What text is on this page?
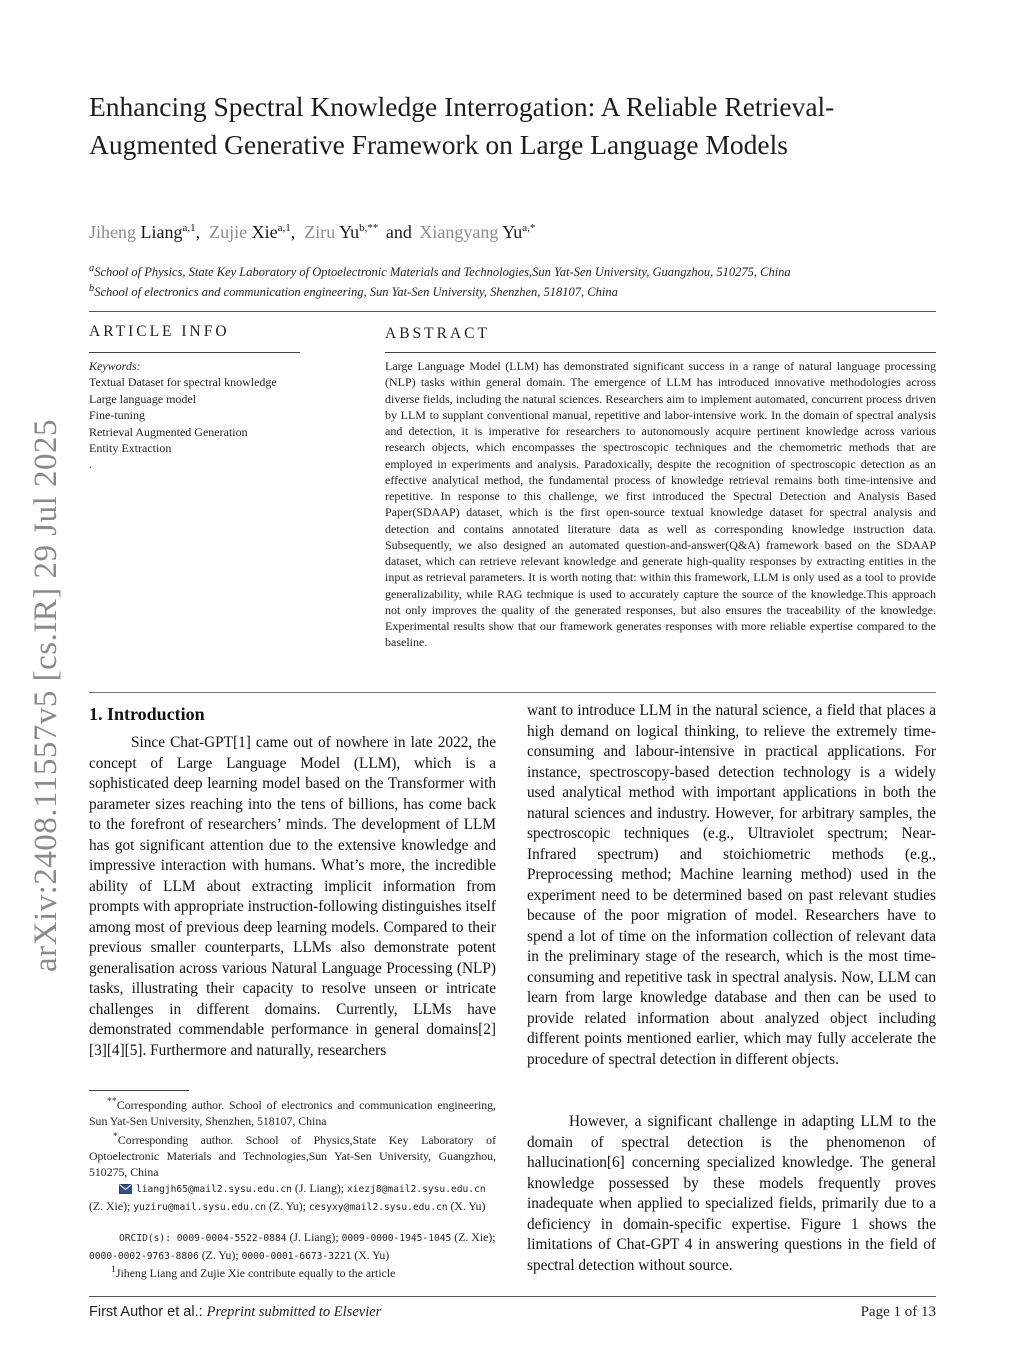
arXiv:2408.11557v5 [cs.IR] 29 Jul 2025
Enhancing Spectral Knowledge Interrogation: A Reliable Retrieval-Augmented Generative Framework on Large Language Models
Jiheng Liang$^{a,1}$,  Zujie Xie$^{a,1}$,  Ziru Yu$^{b,**}$ and Xiangyang Yu$^{a,*}$
$^a$School of Physics, State Key Laboratory of Optoelectronic Materials and Technologies,Sun Yat-Sen University, Guangzhou, 510275, China
$^b$School of electronics and communication engineering, Sun Yat-Sen University, Shenzhen, 518107, China
ARTICLE INFO	ABSTRACT
Keywords:
Textual Dataset for spectral knowledge
Large language model
Fine-tuning
Retrieval Augmented Generation
Entity Extraction
.
Large Language Model (LLM) has demonstrated significant success in a range of natural language processing (NLP) tasks within general domain. The emergence of LLM has introduced innovative methodologies across diverse fields, including the natural sciences. Researchers aim to implement automated, concurrent process driven by LLM to supplant conventional manual, repetitive and labor-intensive work. In the domain of spectral analysis and detection, it is imperative for researchers to autonomously acquire pertinent knowledge across various research objects, which encompasses the spectroscopic techniques and the chemometric methods that are employed in experiments and analysis. Paradoxically, despite the recognition of spectroscopic detection as an effective analytical method, the fundamental process of knowledge retrieval remains both time-intensive and repetitive. In response to this challenge, we first introduced the Spectral Detection and Analysis Based Paper(SDAAP) dataset, which is the first open-source textual knowledge dataset for spectral analysis and detection and contains annotated literature data as well as corresponding knowledge instruction data. Subsequently, we also designed an automated question-and-answer(Q&A) framework based on the SDAAP dataset, which can retrieve relevant knowledge and generate high-quality responses by extracting entities in the input as retrieval parameters. It is worth noting that: within this framework, LLM is only used as a tool to provide generalizability, while RAG technique is used to accurately capture the source of the knowledge.This approach not only improves the quality of the generated responses, but also ensures the traceability of the knowledge. Experimental results show that our framework generates responses with more reliable expertise compared to the baseline.
1. Introduction
Since Chat-GPT[1] came out of nowhere in late 2022, the concept of Large Language Model (LLM), which is a sophisticated deep learning model based on the Transformer with parameter sizes reaching into the tens of billions, has come back to the forefront of researchers’ minds. The development of LLM has got significant attention due to the extensive knowledge and impressive interaction with humans. What’s more, the incredible ability of LLM about extracting implicit information from prompts with appropriate instruction-following distinguishes itself among most of previous deep learning models. Compared to their previous smaller counterparts, LLMs also demonstrate potent generalisation across various Natural Language Processing (NLP) tasks, illustrating their capacity to resolve unseen or intricate challenges in different domains. Currently, LLMs have demonstrated commendable performance in general domains[2][3][4][5]. Furthermore and naturally, researchers
want to introduce LLM in the natural science, a field that places a high demand on logical thinking, to relieve the extremely time-consuming and labour-intensive in practical applications. For instance, spectroscopy-based detection technology is a widely used analytical method with important applications in both the natural sciences and industry. However, for arbitrary samples, the spectroscopic techniques (e.g., Ultraviolet spectrum; Near-Infrared spectrum) and stoichiometric methods (e.g., Preprocessing method; Machine learning method) used in the experiment need to be determined based on past relevant studies because of the poor migration of model. Researchers have to spend a lot of time on the information collection of relevant data in the preliminary stage of the research, which is the most time-consuming and repetitive task in spectral analysis. Now, LLM can learn from large knowledge database and then can be used to provide related information about analyzed object including different points mentioned earlier, which may fully accelerate the procedure of spectral detection in different objects.
However, a significant challenge in adapting LLM to the domain of spectral detection is the phenomenon of hallucination[6] concerning specialized knowledge. The general knowledge possessed by these models frequently proves inadequate when applied to specialized fields, primarily due to a deficiency in domain-specific expertise. Figure 1 shows the limitations of Chat-GPT 4 in answering questions in the field of spectral detection without source.
**Corresponding author. School of electronics and communication engineering, Sun Yat-Sen University, Shenzhen, 518107, China
*Corresponding author. School of Physics,State Key Laboratory of Optoelectronic Materials and Technologies,Sun Yat-Sen University, Guangzhou, 510275, China
liangjh65@mail2.sysu.edu.cn (J. Liang); xiezj8@mail2.sysu.edu.cn (Z. Xie); yuziru@mail.sysu.edu.cn (Z. Yu); cesyxy@mail2.sysu.edu.cn (X. Yu)
ORCID(s): 0009-0004-5522-0884 (J. Liang); 0009-0000-1945-1045 (Z. Xie); 0000-0002-9763-8806 (Z. Yu); 0000-0001-6673-3221 (X. Yu)
$^1$Jiheng Liang and Zujie Xie contribute equally to the article
First Author et al.: Preprint submitted to Elsevier	Page 1 of 13
